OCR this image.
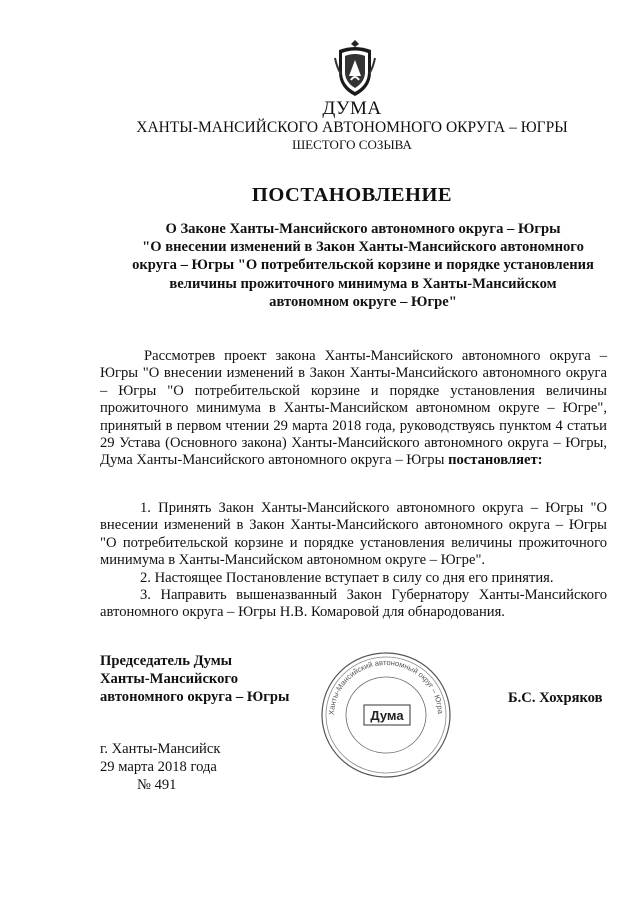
ДУМА
ХАНТЫ-МАНСИЙСКОГО АВТОНОМНОГО ОКРУГА – ЮГРЫ
ШЕСТОГО СОЗЫВА
ПОСТАНОВЛЕНИЕ
О Законе Ханты-Мансийского автономного округа – Югры
"О внесении изменений в Закон Ханты-Мансийского автономного
округа – Югры "О потребительской корзине и порядке установления
величины прожиточного минимума в Ханты-Мансийском
автономном округе – Югре"

Рассмотрев проект закона Ханты-Мансийского автономного округа – Югры "О внесении изменений в Закон Ханты-Мансийского автономного округа – Югры "О потребительской корзине и порядке установления величины прожиточного минимума в Ханты-Мансийском автономном округе – Югре", принятый в первом чтении 29 марта 2018 года, руководствуясь пунктом 4 статьи 29 Устава (Основного закона) Ханты-Мансийского автономного округа – Югры, Дума Ханты-Мансийского автономного округа – Югры постановляет:

1. Принять Закон Ханты-Мансийского автономного округа – Югры "О внесении изменений в Закон Ханты-Мансийского автономного округа – Югры "О потребительской корзине и порядке установления величины прожиточного минимума в Ханты-Мансийском автономном округе – Югре".

2. Настоящее Постановление вступает в силу со дня его принятия.

3. Направить вышеназванный Закон Губернатору Ханты-Мансийского автономного округа – Югры Н.В. Комаровой для обнародования.

Председатель Думы
Ханты-Мансийского
автономного округа – Югры
Ханты-Мансийский автономный округ – Югра
Дума
Б.С. Хохряков
г. Ханты-Мансийск
29 марта 2018 года
№ 491
